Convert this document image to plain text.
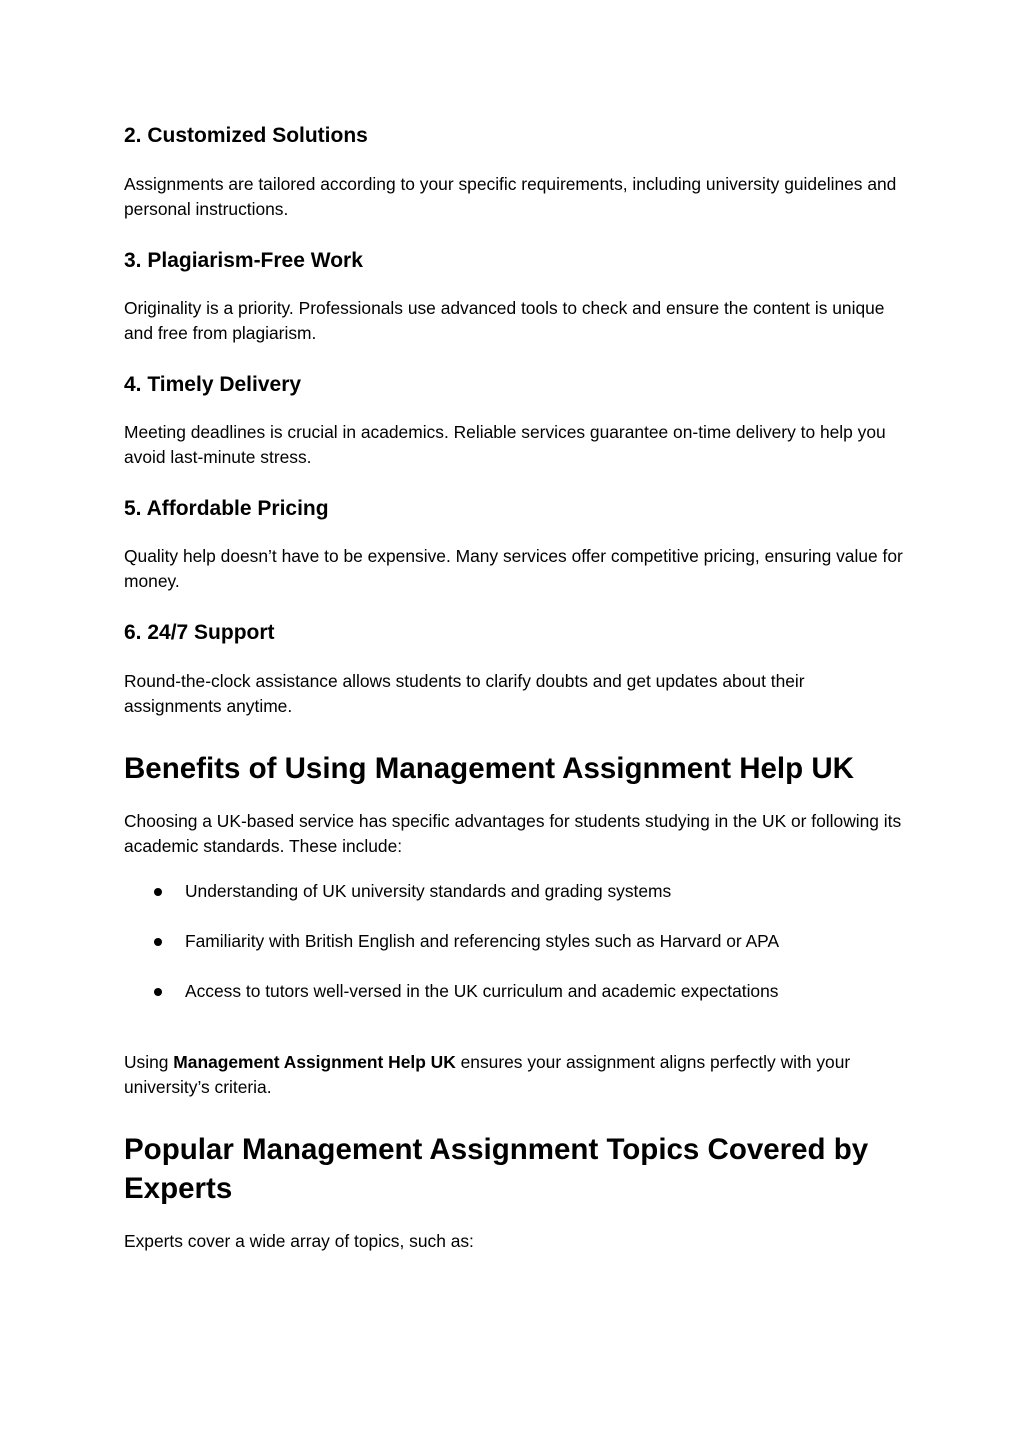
2. Customized Solutions

Assignments are tailored according to your specific requirements, including university guidelines and personal instructions.

3. Plagiarism-Free Work

Originality is a priority. Professionals use advanced tools to check and ensure the content is unique and free from plagiarism.

4. Timely Delivery

Meeting deadlines is crucial in academics. Reliable services guarantee on-time delivery to help you avoid last-minute stress.

5. Affordable Pricing

Quality help doesn’t have to be expensive. Many services offer competitive pricing, ensuring value for money.

6. 24/7 Support

Round-the-clock assistance allows students to clarify doubts and get updates about their assignments anytime.

Benefits of Using Management Assignment Help UK

Choosing a UK-based service has specific advantages for students studying in the UK or following its academic standards. These include:

Understanding of UK university standards and grading systems
Familiarity with British English and referencing styles such as Harvard or APA
Access to tutors well-versed in the UK curriculum and academic expectations

Using Management Assignment Help UK ensures your assignment aligns perfectly with your university’s criteria.

Popular Management Assignment Topics Covered by Experts

Experts cover a wide array of topics, such as:
